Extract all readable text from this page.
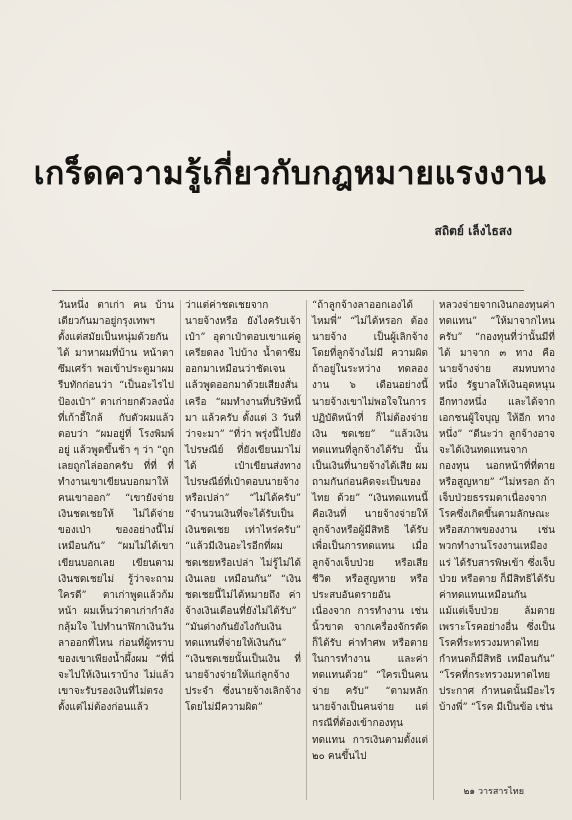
เกร็ดความรู้เกี่ยวกับกฎหมายแรงงาน
สถิตย์ เล็งไธสง

วันหนึ่ง ตาเก่า คน บ้านเดียวกันมาอยู่กรุงเทพฯ ตั้งแต่สมัยเป็นหนุ่มด้วยกัน ได้ มาหาผมที่บ้าน หน้าตาซึมเศร้า พอเข้าประตูมาผมรีบทักก่อนว่า “เป็นอะไรไปป้องเป๋า” ตาเก่ายกตัวลงนั่งที่เก้าอี้ใกล้ กับตัวผมแล้วตอบว่า “ผมอยู่ที่ โรงพิมพ์อยู่ แล้วพูดขึ้นช้า ๆ ว่า “ถูกเลยถูกไล่ออกครับ ที่ที่ ที่ทำงานเขาเขียนบอกมาให้คนเขาออก” “เขายังจ่ายเงินชดเชยให้ ไม่ได้จ่ายของเป่า ของอย่างนี้ไม่เหมือนกัน” “ผมไม่ได้เขาเขียนบอกเลย เขียนตามเงินชดเชยไม่ รู้ว่าจะถามใครดี” ตาเก่าพูดแล้วก้มหน้า ผมเห็นว่าตาเก่ากำลังกลุ้มใจ ไปทำนาฬิกาเงินวันลาออกที่ไหน ก่อนที่ผู้ทราบของเขาเพียงน้ำผึ้งผม “ที่นี่จะไปให้เงินเราบ้าง ไม่แล้วเขาจะรับรองเงินที่ไม่ตรง ตั้งแต่ไม่ต้องก่อนแล้ว

ว่าแต่ค่าชดเชยจากนายจ้างหรือ ยังไงครับเจ้าเป๋า” อุตาเป๋าตอบเขาแค่ดูเครียดลง ไปบ้าง น้ำตาซึมออกมาเหมือนว่าชัดเจน แล้วพูดออกมาด้วยเสียงสั่นเครือ “ผมทำงานที่บริษัทนี้มา แล้วครับ ตั้งแต่ 3 วันที่ว่าจะมา” “ที่ว่า พรุ่งนี้ไปยังไปรษณีย์ ที่ยังเขียนมาไม่ได้ เป๋าเขียนส่งทางไปรษณีย์ที่เป๋าตอบนายจ้าง หรือเปล่า” “ไม่ได้ครับ” “จำนวนเงินที่จะได้รับเป็นเงินชดเชย เท่าไหร่ครับ” “แล้วมีเงินอะไรอีกที่ผม ชดเชยหรือเปล่า ไม่รู้ไม่ได้เงินเลย เหมือนกัน” “เงินชดเชยนี้ไม่ได้หมายถึง ค่าจ้างเงินเดือนที่ยังไม่ได้รับ” “มันต่างกันยังไงกับเงินทดแทนที่จ่ายให้เงินกัน” “เงินชดเชยนั้นเป็นเงิน ที่นายจ้างจ่ายให้แก่ลูกจ้าง ประจำ ซึ่งนายจ้างเลิกจ้าง โดยไม่มีความผิด”

“ถ้าลูกจ้างลาออกเองได้ไหมพี่” “ไม่ได้หรอก ต้องนายจ้าง เป็นผู้เลิกจ้างโดยที่ลูกจ้างไม่มี ความผิด ถ้าอยู่ในระหว่าง ทดลองงาน ๖ เดือนอย่างนี้ นายจ้างเขาไม่พอใจในการ ปฏิบัติหน้าที่ ก็ไม่ต้องจ่ายเงิน ชดเชย” “แล้วเงินทดแทนที่ลูกจ้างได้รับ นั้นเป็นเงินที่นายจ้างได้เสีย ผมถามกันก่อนคิดจะเป็นของไทย ด้วย” “เงินทดแทนนี้คือเงินที่ นายจ้างจ่ายให้ลูกจ้างหรือผู้มีสิทธิ ได้รับ เพื่อเป็นการทดแทน เมื่อลูกจ้างเจ็บป่วย หรือเสียชีวิต หรือสูญหาย หรือประสบอันตรายอันเนื่องจาก การทำงาน เช่น นิ้วขาด จากเครื่องจักรตัด ก็ได้รับ ค่าทำศพ หรือตายในการทำงาน และค่าทดแทนด้วย” “ใครเป็นคนจ่าย ครับ” “ตามหลักนายจ้างเป็นคนจ่าย แต่กรณีที่ต้องเข้ากองทุนทดแทน การเงินตามตั้งแต่ ๒๐ คนขึ้นไป

หลวงจ่ายจากเงินกองทุนค่าทดแทน” “ให้มาจากไหนครับ” “กองทุนที่ว่านั้นมีที่ได้ มาจาก ๓ ทาง คือ นายจ้างจ่าย สมทบทางหนึ่ง รัฐบาลให้เงินอุดหนุน อีกทางหนึ่ง และได้จากเอกชนผู้ใจบุญ ให้อีก ทางหนึ่ง” “ดีนะว่า ลูกจ้างอาจจะได้เงินทดแทนจากกองทุน นอกหน้าที่ที่ตายหรือสูญหาย” “ไม่หรอก ถ้าเจ็บป่วยธรรมดาเนื่องจากโรคซึ่งเกิดขึ้นตามลักษณะหรือสภาพของงาน เช่น พวกทำงานโรงงานเหมืองแร่ ได้รับสารพิษเข้า ซึ่งเจ็บป่วย หรือตาย ก็มีสิทธิได้รับค่าทดแทนเหมือนกัน แม้แต่เจ็บป่วย ล้มตาย เพราะโรคอย่างอื่น ซึ่งเป็นโรคที่ระทรวงมหาดไทยกำหนดก็มีสิทธิ เหมือนกัน” “โรคที่กระทรวงมหาดไทยประกาศ กำหนดนั้นมีอะไรบ้างพี่” “โรค มีเป็นข้อ เช่น

๒๑ วารสารไทย
